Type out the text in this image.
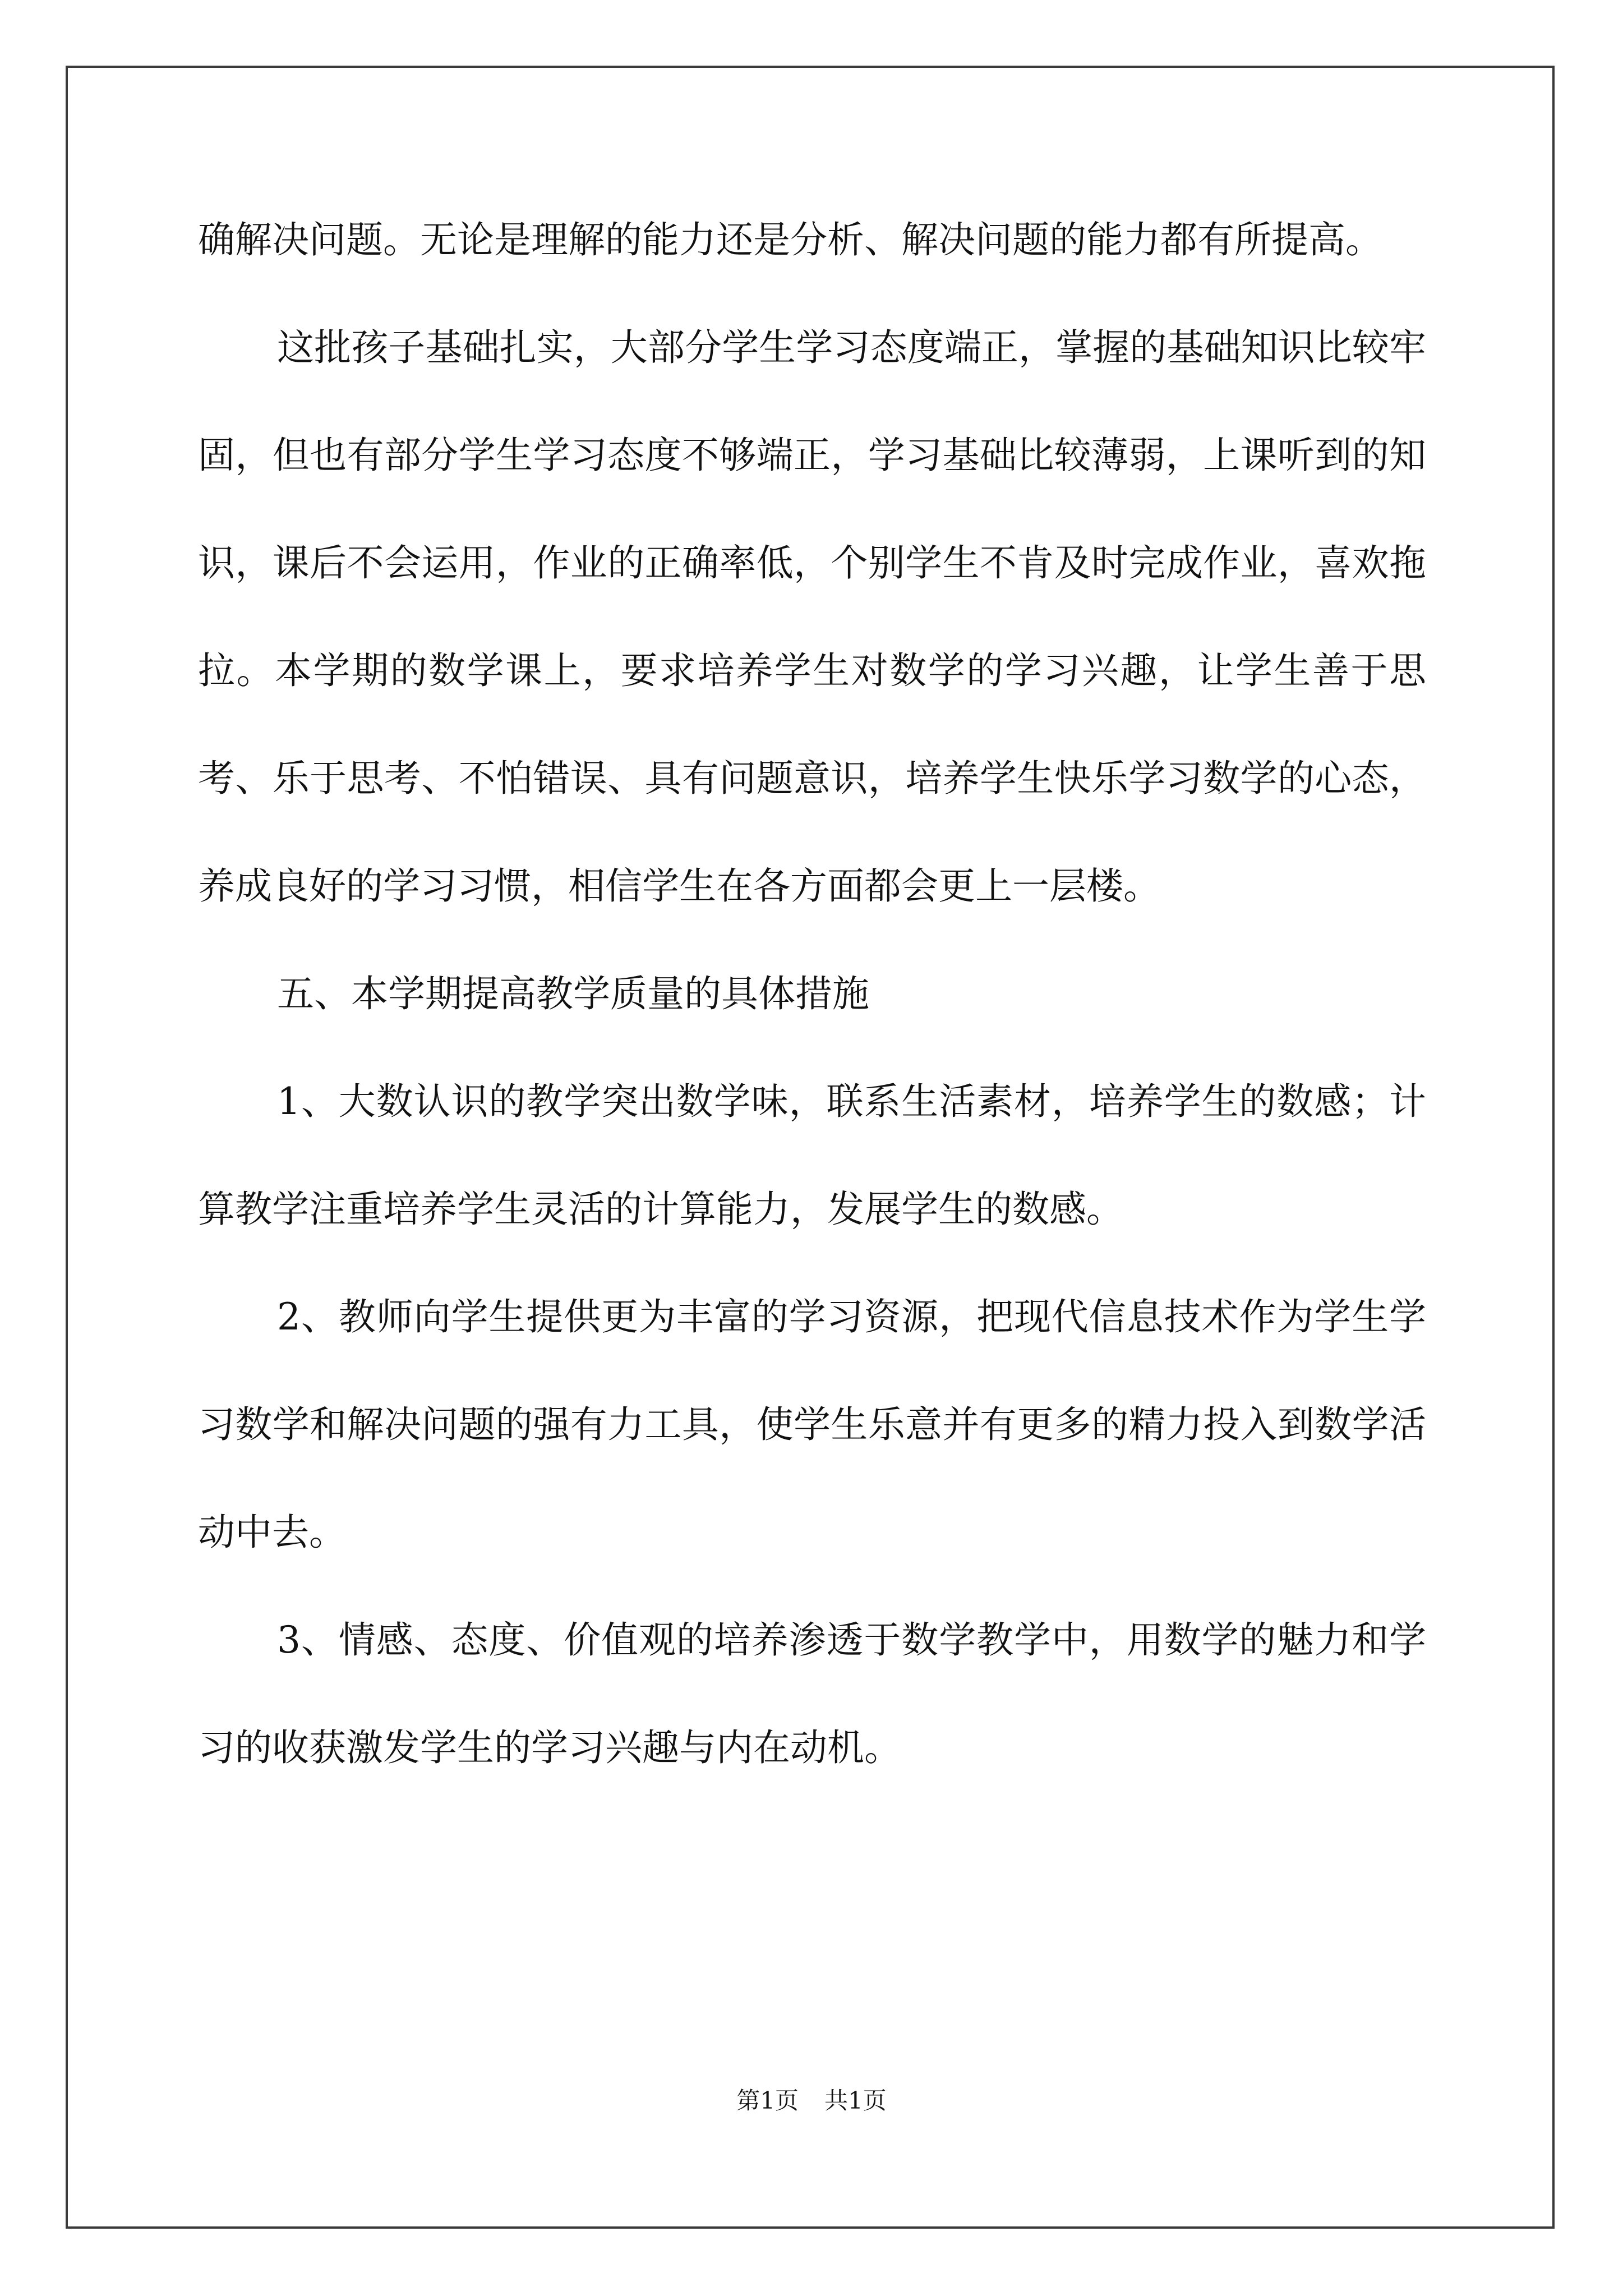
确解决问题。无论是理解的能力还是分析、解决问题的能力都有所提高。

这批孩子基础扎实，大部分学生学习态度端正，掌握的基础知识比较牢固，但也有部分学生学习态度不够端正，学习基础比较薄弱，上课听到的知识，课后不会运用，作业的正确率低，个别学生不肯及时完成作业，喜欢拖拉。本学期的数学课上，要求培养学生对数学的学习兴趣，让学生善于思考、乐于思考、不怕错误、具有问题意识，培养学生快乐学习数学的心态，养成良好的学习习惯，相信学生在各方面都会更上一层楼。

五、本学期提高教学质量的具体措施

1、大数认识的教学突出数学味，联系生活素材，培养学生的数感；计算教学注重培养学生灵活的计算能力，发展学生的数感。

2、教师向学生提供更为丰富的学习资源，把现代信息技术作为学生学习数学和解决问题的强有力工具，使学生乐意并有更多的精力投入到数学活动中去。

3、情感、态度、价值观的培养渗透于数学教学中，用数学的魅力和学习的收获激发学生的学习兴趣与内在动机。

第1页 共1页
